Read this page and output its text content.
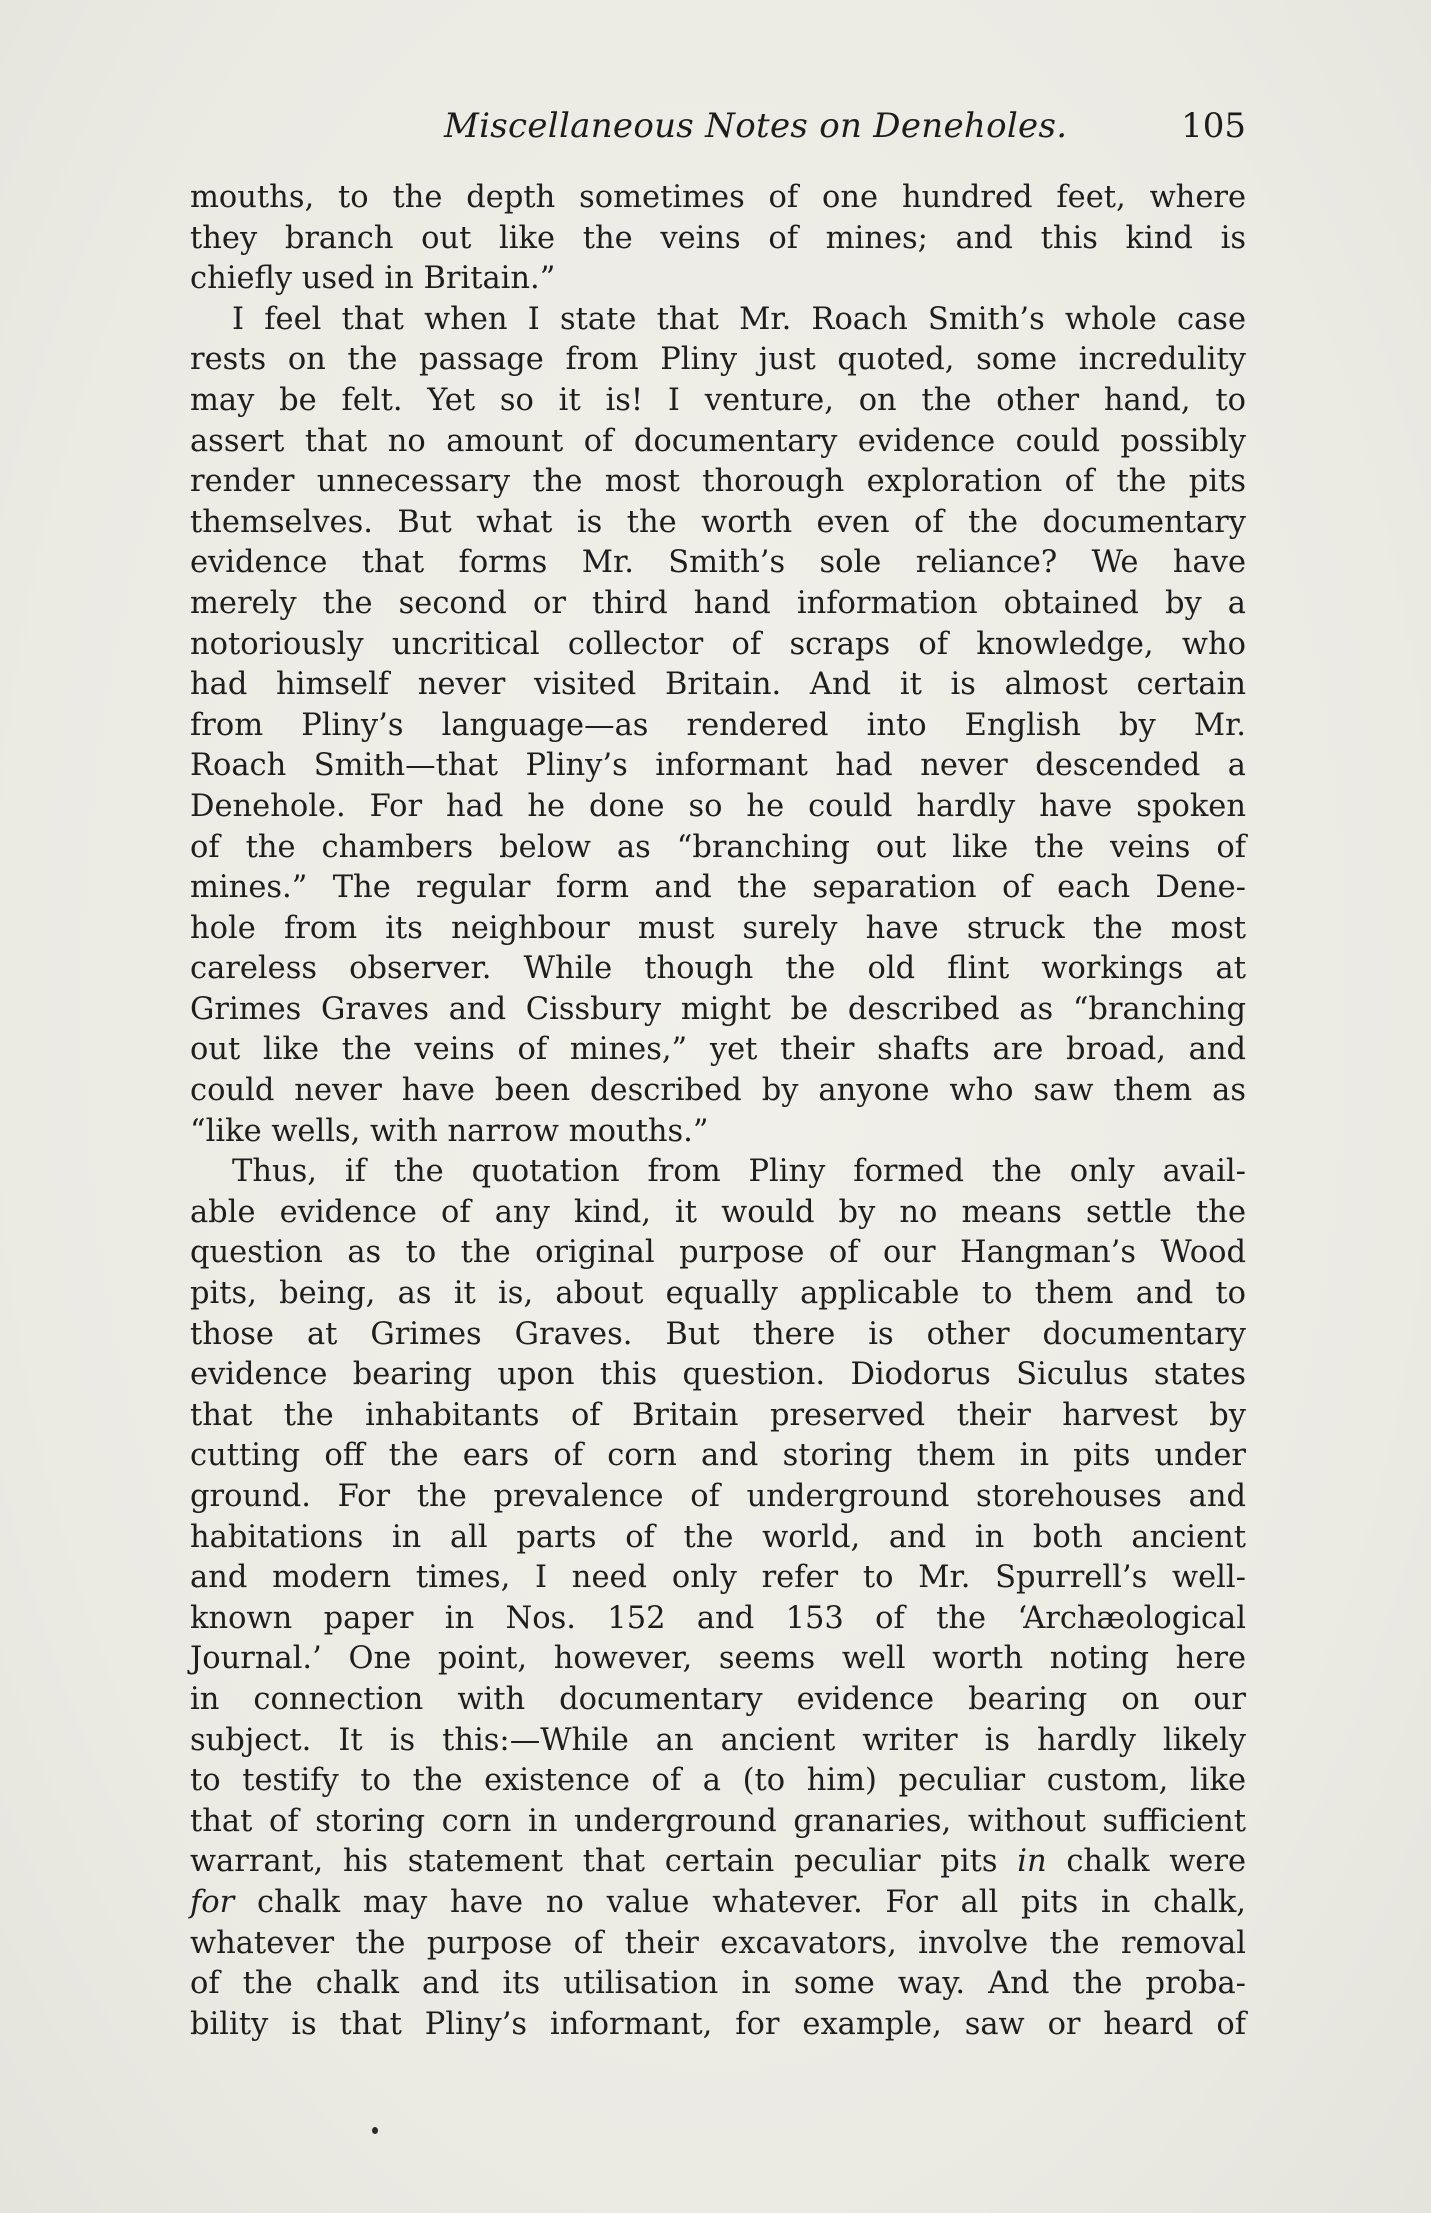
Miscellaneous Notes on Deneholes.	105
mouths, to the depth sometimes of one hundred feet, where
they branch out like the veins of mines; and this kind is
chiefly used in Britain.”
I feel that when I state that Mr. Roach Smith’s whole case
rests on the passage from Pliny just quoted, some incredulity
may be felt. Yet so it is! I venture, on the other hand, to
assert that no amount of documentary evidence could possibly
render unnecessary the most thorough exploration of the pits
themselves. But what is the worth even of the documentary
evidence that forms Mr. Smith’s sole reliance? We have
merely the second or third hand information obtained by a
notoriously uncritical collector of scraps of knowledge, who
had himself never visited Britain. And it is almost certain
from Pliny’s language—as rendered into English by Mr.
Roach Smith—that Pliny’s informant had never descended a
Denehole. For had he done so he could hardly have spoken
of the chambers below as “branching out like the veins of
mines.” The regular form and the separation of each Dene-
hole from its neighbour must surely have struck the most
careless observer. While though the old flint workings at
Grimes Graves and Cissbury might be described as “branching
out like the veins of mines,” yet their shafts are broad, and
could never have been described by anyone who saw them as
“like wells, with narrow mouths.”
Thus, if the quotation from Pliny formed the only avail-
able evidence of any kind, it would by no means settle the
question as to the original purpose of our Hangman’s Wood
pits, being, as it is, about equally applicable to them and to
those at Grimes Graves. But there is other documentary
evidence bearing upon this question. Diodorus Siculus states
that the inhabitants of Britain preserved their harvest by
cutting off the ears of corn and storing them in pits under
ground. For the prevalence of underground storehouses and
habitations in all parts of the world, and in both ancient
and modern times, I need only refer to Mr. Spurrell’s well-
known paper in Nos. 152 and 153 of the ‘Archæological
Journal.’ One point, however, seems well worth noting here
in connection with documentary evidence bearing on our
subject. It is this:—While an ancient writer is hardly likely
to testify to the existence of a (to him) peculiar custom, like
that of storing corn in underground granaries, without sufficient
warrant, his statement that certain peculiar pits in chalk were
for chalk may have no value whatever. For all pits in chalk,
whatever the purpose of their excavators, involve the removal
of the chalk and its utilisation in some way. And the proba-
bility is that Pliny’s informant, for example, saw or heard of
